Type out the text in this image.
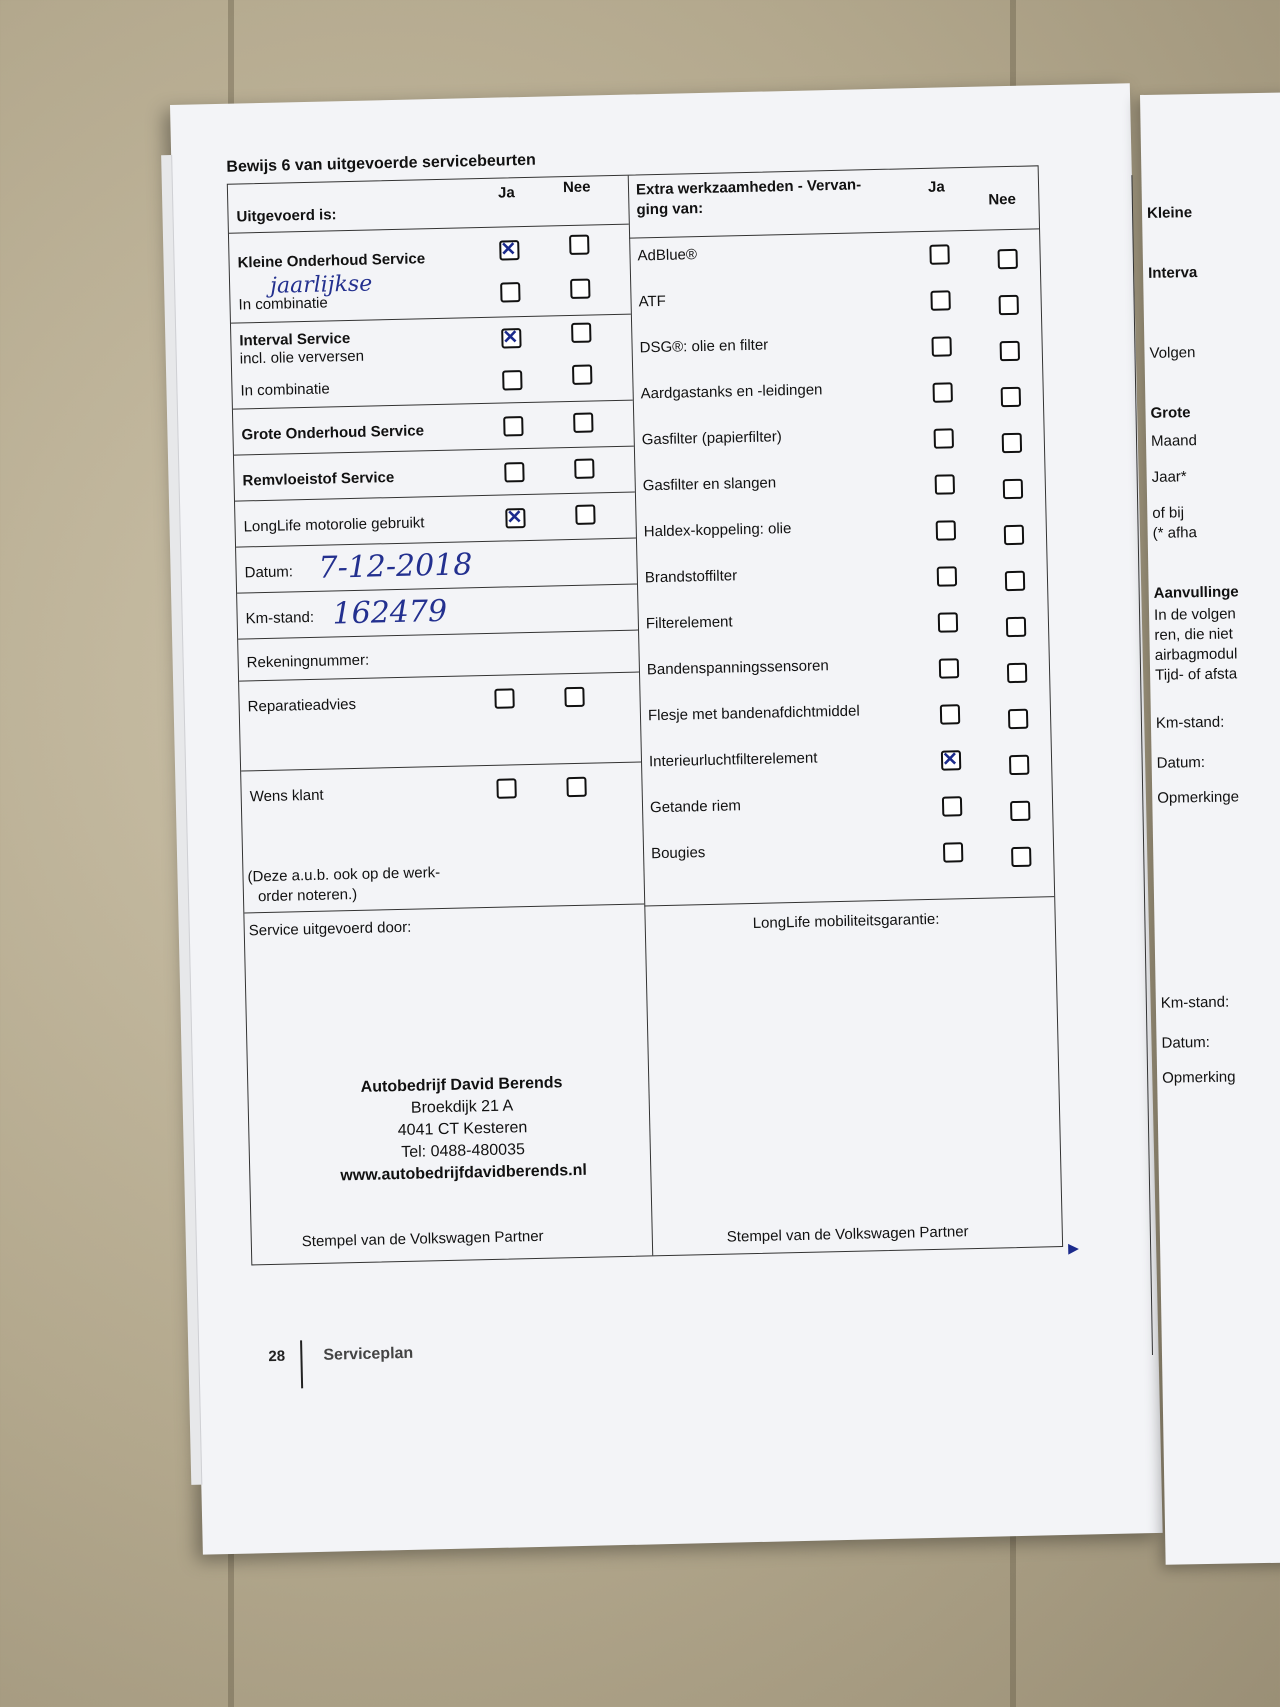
Bewijs 6 van uitgevoerde servicebeurten
Uitgevoerd is:
Ja	Nee
Kleine Onderhoud Service
jaarlijkse
In combinatie
✕
Interval Service
incl. olie verversen
In combinatie
✕
Grote Onderhoud Service
Remvloeistof Service
LongLife motorolie gebruikt
✕
Datum: 7-12-2018
Km-stand: 162479
Rekeningnummer:
Reparatieadvies
Wens klant
(Deze a.u.b. ook op de werk-
order noteren.)
Service uitgevoerd door:
Autobedrijf David Berends
Broekdijk 21 A
4041 CT Kesteren
Tel: 0488-480035
www.autobedrijfdavidberends.nl
Stempel van de Volkswagen Partner
Extra werkzaamheden - Vervan-
ging van:
Ja
Nee
AdBlue®
ATF
DSG®: olie en filter
Aardgastanks en -leidingen
Gasfilter (papierfilter)
Gasfilter en slangen
Haldex-koppeling: olie
Brandstoffilter
Filterelement
Bandenspanningssensoren
Flesje met bandenafdichtmiddel
Interieurluchtfilterelement
✕
Getande riem
Bougies
LongLife mobiliteitsgarantie:
Stempel van de Volkswagen Partner
▶
28 Serviceplan
Kleine
Interva
Volgen
Grote
Maand
Jaar*
of bij
(* afha
Aanvullinge
In de volgen
ren, die niet
airbagmodul
Tijd- of afsta
Km-stand:
Datum:
Opmerkinge
Km-stand:
Datum:
Opmerking
